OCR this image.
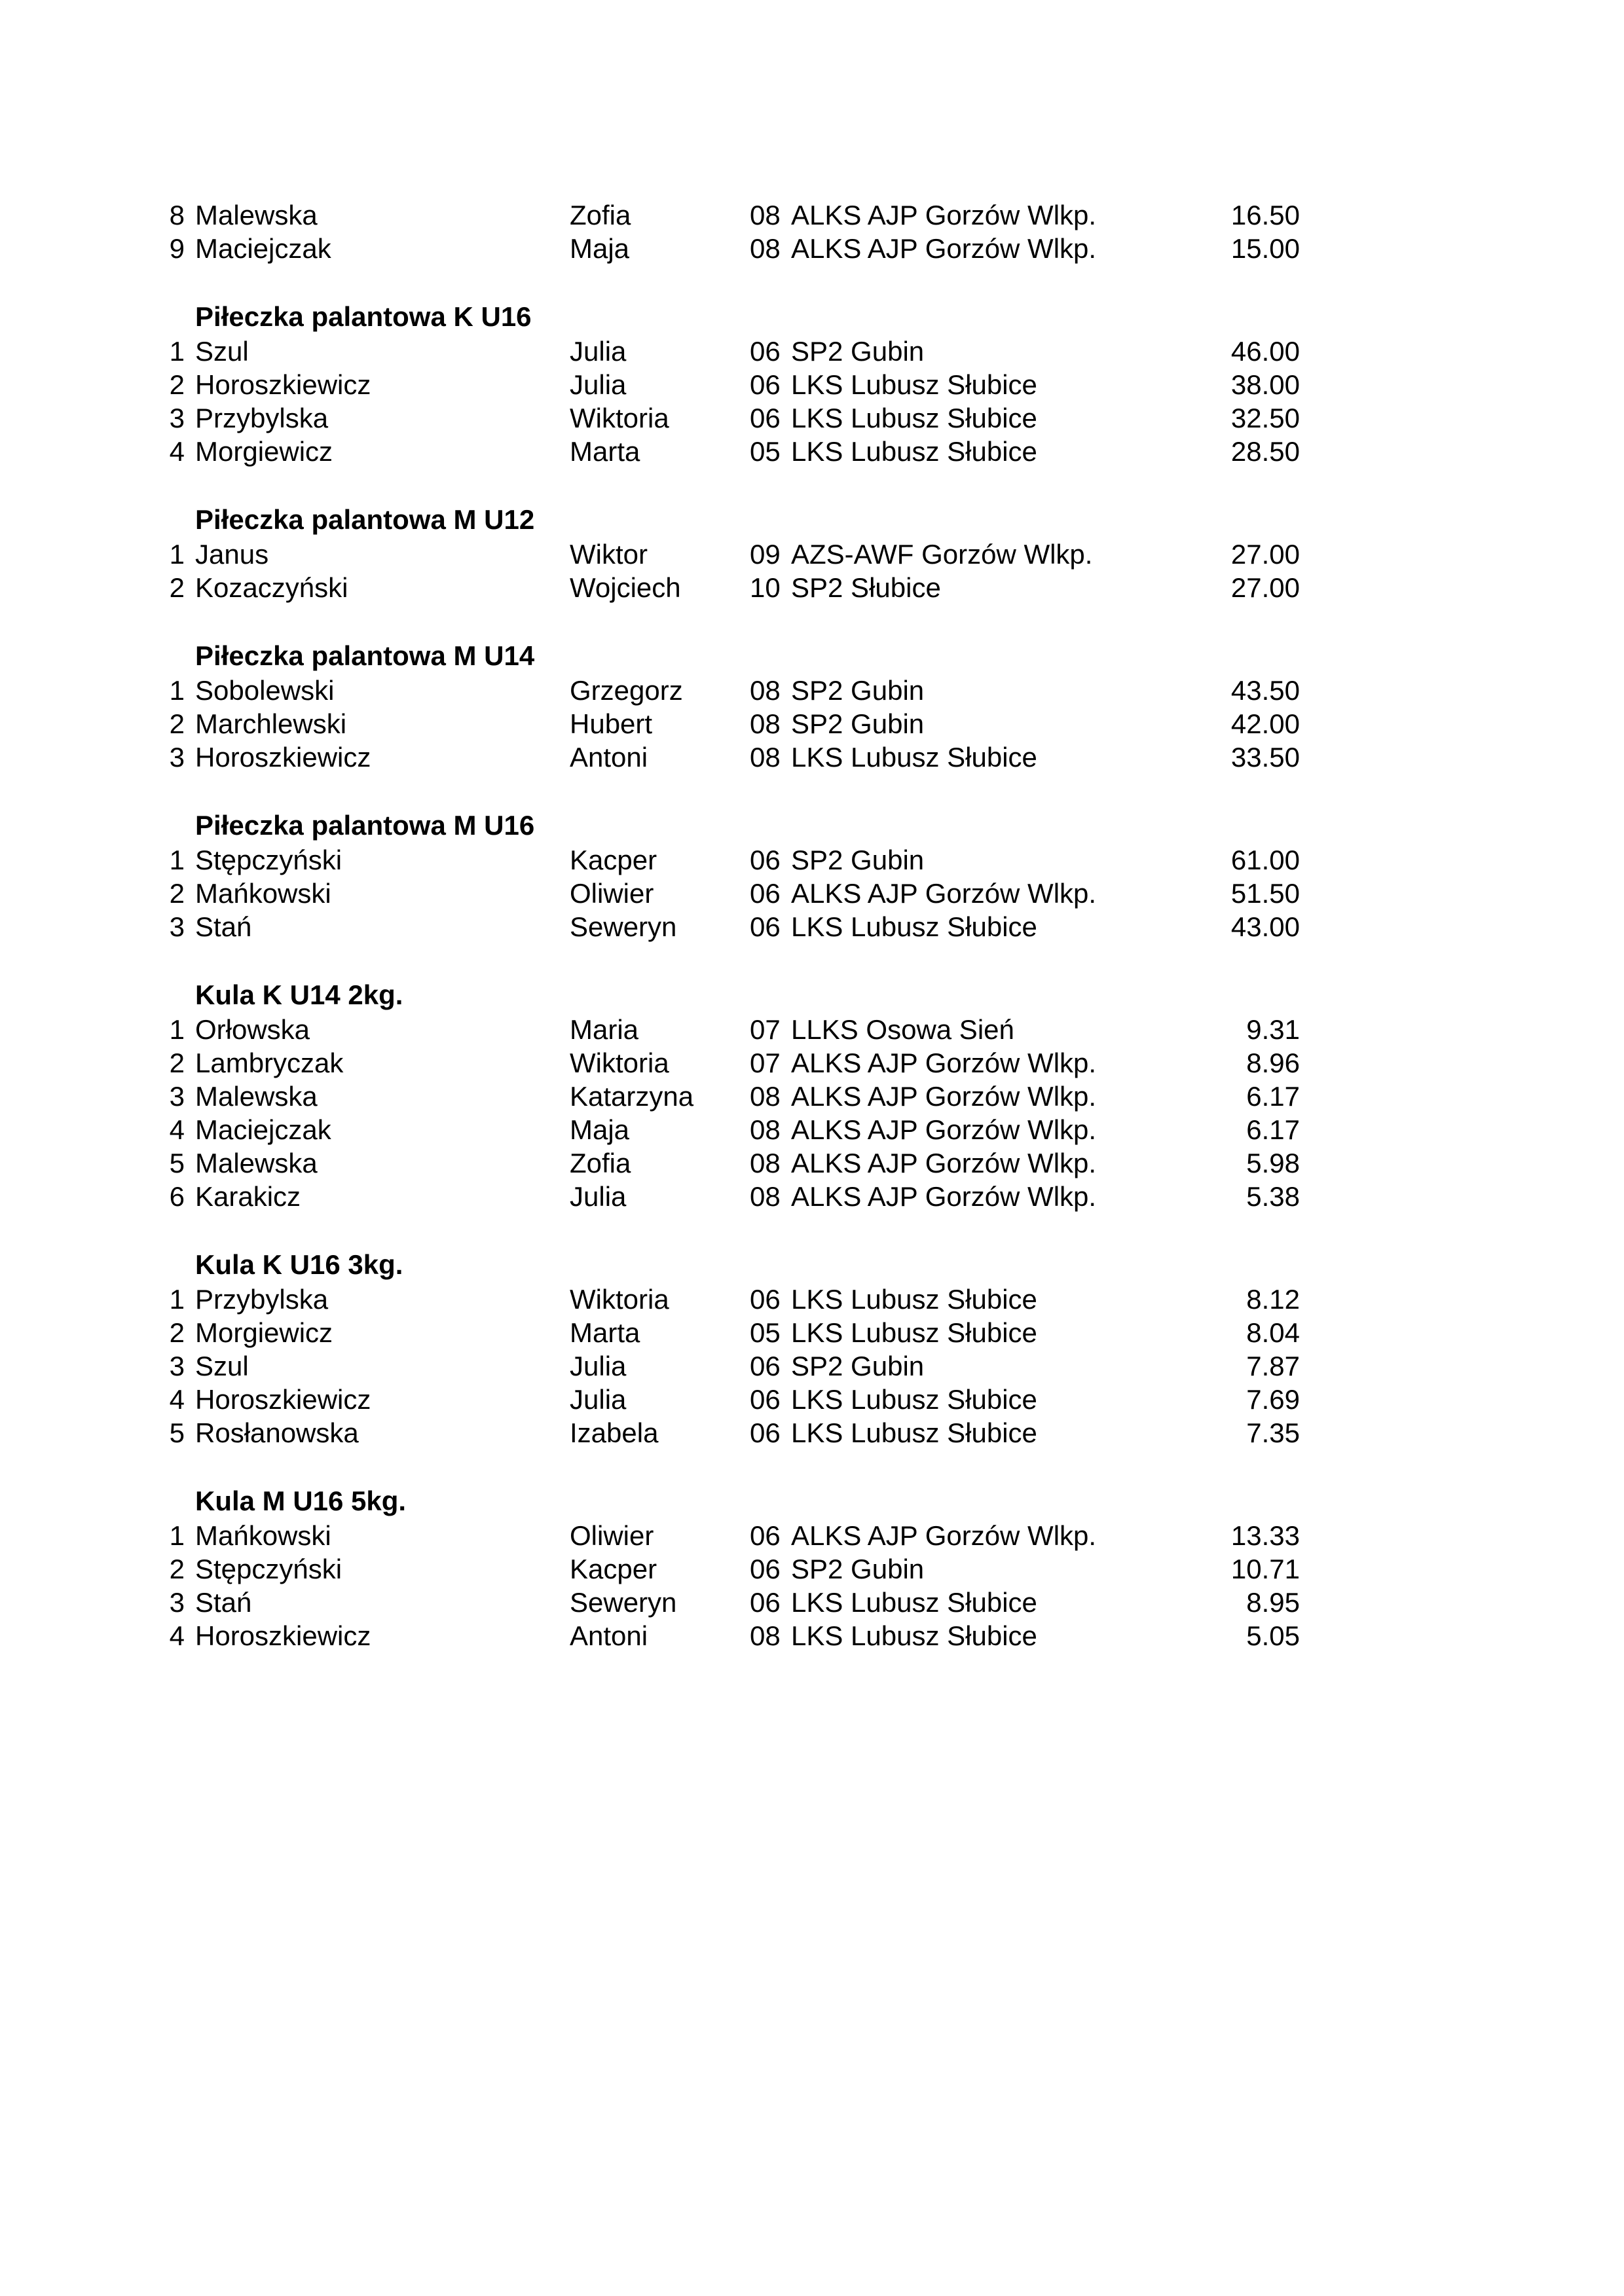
8 Malewska	Zofia	08 ALKS AJP Gorzów Wlkp.	16.50
9 Maciejczak	Maja	08 ALKS AJP Gorzów Wlkp.	15.00
Piłeczka palantowa K U16
1 Szul	Julia	06 SP2 Gubin	46.00
2 Horoszkiewicz	Julia	06 LKS Lubusz Słubice	38.00
3 Przybylska	Wiktoria	06 LKS Lubusz Słubice	32.50
4 Morgiewicz	Marta	05 LKS Lubusz Słubice	28.50
Piłeczka palantowa M U12
1 Janus	Wiktor	09 AZS-AWF Gorzów Wlkp.	27.00
2 Kozaczyński	Wojciech	10 SP2 Słubice	27.00
Piłeczka palantowa M U14
1 Sobolewski	Grzegorz	08 SP2 Gubin	43.50
2 Marchlewski	Hubert	08 SP2 Gubin	42.00
3 Horoszkiewicz	Antoni	08 LKS Lubusz Słubice	33.50
Piłeczka palantowa M U16
1 Stępczyński	Kacper	06 SP2 Gubin	61.00
2 Mańkowski	Oliwier	06 ALKS AJP Gorzów Wlkp.	51.50
3 Stań	Seweryn	06 LKS Lubusz Słubice	43.00
Kula K U14 2kg.
1 Orłowska	Maria	07 LLKS Osowa Sień	9.31
2 Lambryczak	Wiktoria	07 ALKS AJP Gorzów Wlkp.	8.96
3 Malewska	Katarzyna	08 ALKS AJP Gorzów Wlkp.	6.17
4 Maciejczak	Maja	08 ALKS AJP Gorzów Wlkp.	6.17
5 Malewska	Zofia	08 ALKS AJP Gorzów Wlkp.	5.98
6 Karakicz	Julia	08 ALKS AJP Gorzów Wlkp.	5.38
Kula K U16 3kg.
1 Przybylska	Wiktoria	06 LKS Lubusz Słubice	8.12
2 Morgiewicz	Marta	05 LKS Lubusz Słubice	8.04
3 Szul	Julia	06 SP2 Gubin	7.87
4 Horoszkiewicz	Julia	06 LKS Lubusz Słubice	7.69
5 Rosłanowska	Izabela	06 LKS Lubusz Słubice	7.35
Kula M U16 5kg.
1 Mańkowski	Oliwier	06 ALKS AJP Gorzów Wlkp.	13.33
2 Stępczyński	Kacper	06 SP2 Gubin	10.71
3 Stań	Seweryn	06 LKS Lubusz Słubice	8.95
4 Horoszkiewicz	Antoni	08 LKS Lubusz Słubice	5.05
